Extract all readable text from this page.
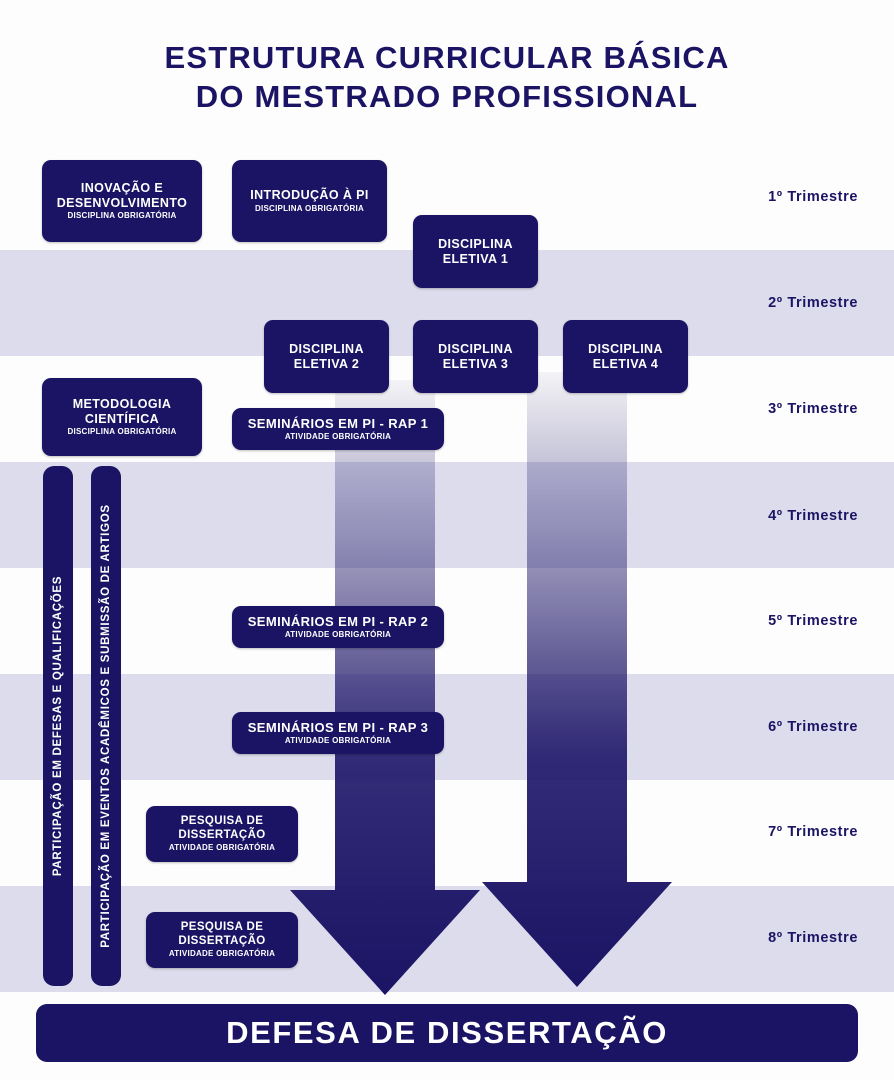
ESTRUTURA CURRICULAR BÁSICA
DO MESTRADO PROFISSIONAL
1º Trimestre
2º Trimestre
3º Trimestre
4º Trimestre
5º Trimestre
6º Trimestre
7º Trimestre
8º Trimestre
PARTICIPAÇÃO EM DEFESAS E QUALIFICAÇÕES	PARTICIPAÇÃO EM EVENTOS ACADÊMICOS E SUBMISSÃO DE ARTIGOS
INOVAÇÃO E DESENVOLVIMENTO
DISCIPLINA OBRIGATÓRIA
INTRODUÇÃO À PI
DISCIPLINA OBRIGATÓRIA
DISCIPLINA ELETIVA 1
DISCIPLINA ELETIVA 2
DISCIPLINA ELETIVA 3
DISCIPLINA ELETIVA 4
METODOLOGIA CIENTÍFICA
DISCIPLINA OBRIGATÓRIA
SEMINÁRIOS EM PI - RAP 1
ATIVIDADE OBRIGATÓRIA
SEMINÁRIOS EM PI - RAP 2
ATIVIDADE OBRIGATÓRIA
SEMINÁRIOS EM PI - RAP 3
ATIVIDADE OBRIGATÓRIA
PESQUISA DE DISSERTAÇÃO
ATIVIDADE OBRIGATÓRIA
PESQUISA DE DISSERTAÇÃO
ATIVIDADE OBRIGATÓRIA
DEFESA DE DISSERTAÇÃO
